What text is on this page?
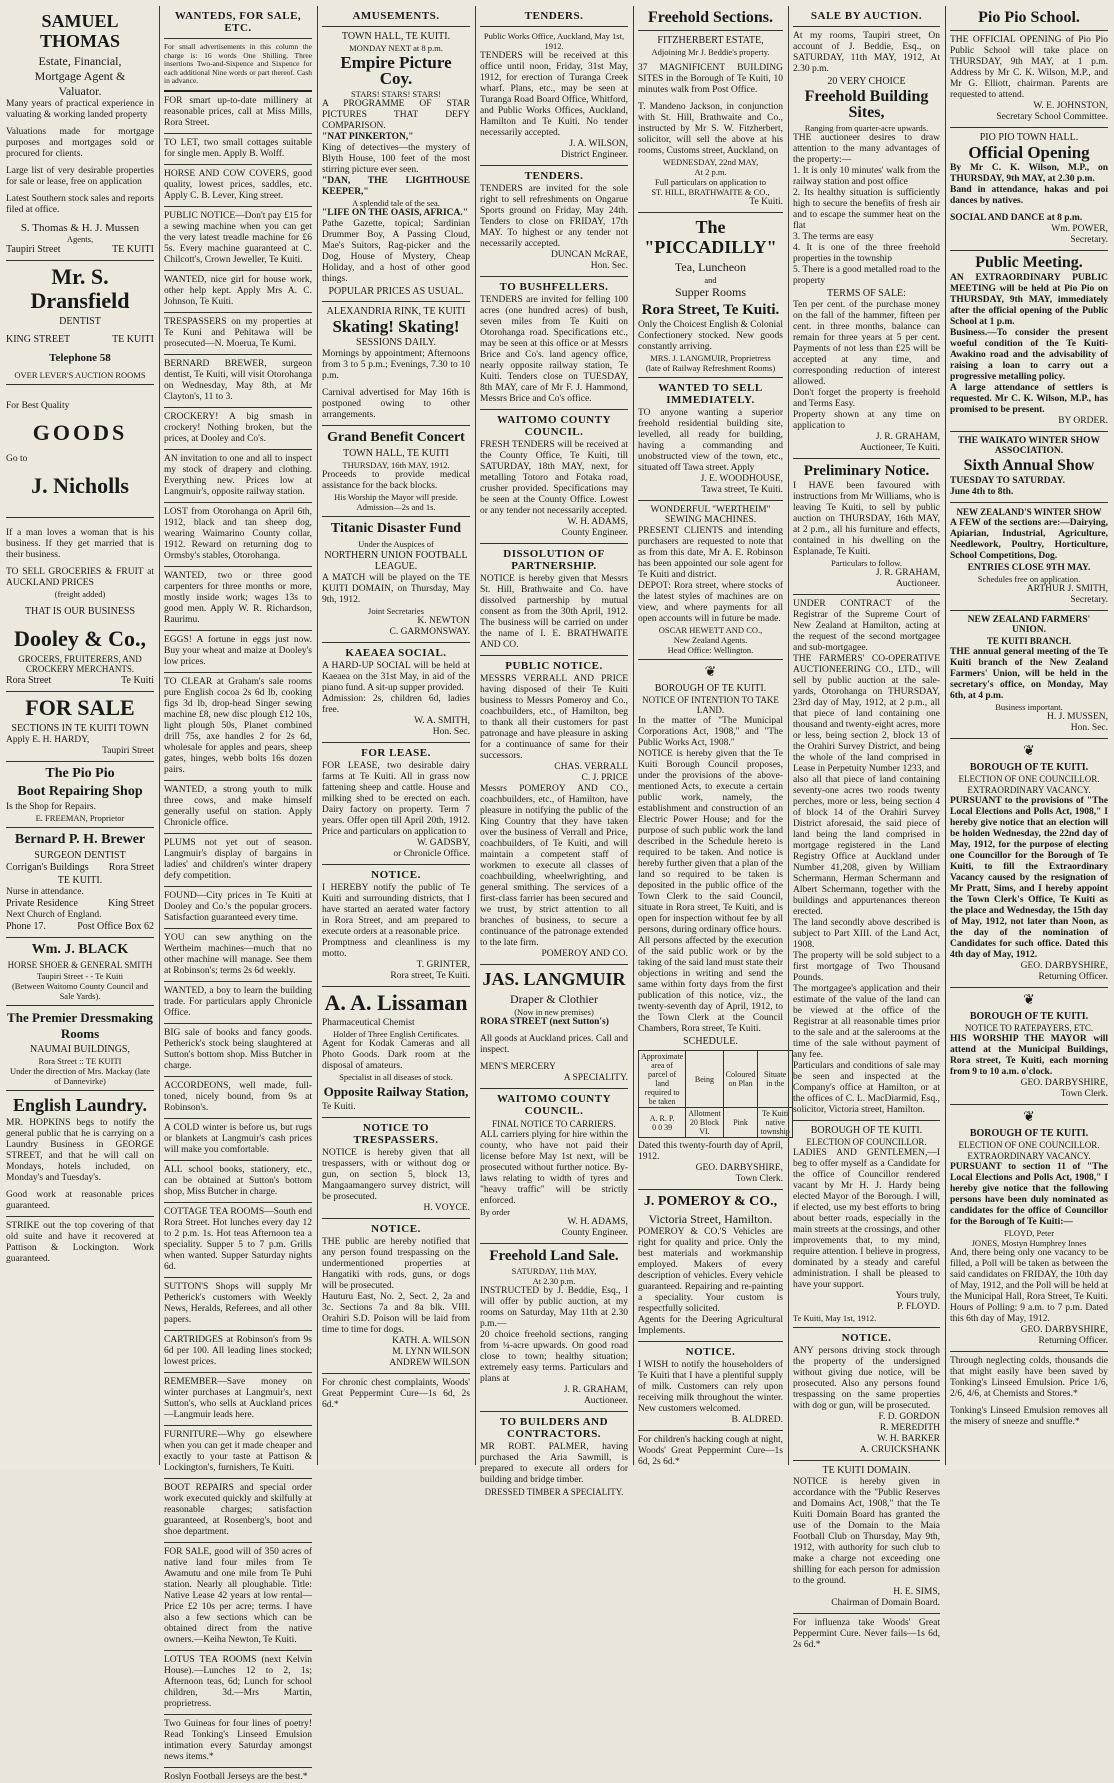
SAMUEL THOMAS
Estate, Financial,
Mortgage Agent &
Valuator.
Many years of practical experience in valuating & working landed property
Valuations made for mortgage purposes and mortgages sold or procured for clients.
Large list of very desirable properties for sale or lease, free on application
Latest Southern stock sales and reports filed at office.
S. Thomas & H. J. Mussen
Agents,
Taupiri Street	TE KUITI
Mr. S. Dransfield
DENTIST
KING STREET	TE KUITI
Telephone 58
OVER LEVER'S AUCTION ROOMS
For Best Quality
GOODS
Go to
J. Nicholls
If a man loves a woman that is his business. If they get married that is their business.
TO SELL GROCERIES & FRUIT at AUCKLAND PRICES
(freight added)
THAT IS OUR BUSINESS
Dooley & Co.,
GROCERS, FRUITERERS, AND CROCKERY MERCHANTS.
Rora Street	Te Kuiti
FOR SALE
SECTIONS IN TE KUITI TOWN
Apply E. H. HARDY,
Taupiri Street
The Pio Pio
Boot Repairing Shop
Is the Shop for Repairs.
E. FREEMAN, Proprietor
Bernard P. H. Brewer
SURGEON DENTIST
Corrigan's Buildings Rora Street
TE KUITI.
Nurse in attendance.
Private Residence	King Street
Next Church of England.
Phone 17.	Post Office Box 62
Wm. J. BLACK
HORSE SHOER & GENERAL SMITH
Taupiri Street - - Te Kuiti
(Between Waitomo County Council and Sale Yards).
The Premier Dressmaking Rooms
NAUMAI BUILDINGS,
Rora Street :: TE KUITI
Under the direction of Mrs. Mackay (late of Dannevirke)
English Laundry.
MR. HOPKINS begs to notify the general public that he is carrying on a Laundry Business in GEORGE STREET, and that he will call on Mondays, hotels included, on Monday's and Tuesday's.
Good work at reasonable prices guaranteed.
STRIKE out the top covering of that old suite and have it recovered at Pattison & Lockington. Work guaranteed.
WANTEDS, FOR SALE, ETC.
For small advertisements in this column the charge is: 16 words One Shilling, Three insertions Two-and-Sixpence and Sixpence for each additional Nine words or part thereof. Cash in advance.
FOR smart up-to-date millinery at reasonable prices, call at Miss Mills, Rora Street.
TO LET, two small cottages suitable for single men. Apply B. Wolff.
HORSE AND COW COVERS, good quality, lowest prices, saddles, etc. Apply C. B. Lever, King street.
PUBLIC NOTICE—Don't pay £15 for a sewing machine when you can get the very latest treadle machine for £6 5s. Every machine guaranteed at C. Chilcott's, Crown Jeweller, Te Kuiti.
WANTED, nice girl for house work, other help kept. Apply Mrs A. C. Johnson, Te Kuiti.
TRESPASSERS on my properties at Te Kuni and Pehitawa will be prosecuted—N. Moerua, Te Kumi.
BERNARD BREWER, surgeon dentist, Te Kuiti, will visit Otorohanga on Wednesday, May 8th, at Mr Clayton's, 11 to 3.
CROCKERY! A big smash in crockery! Nothing broken, but the prices, at Dooley and Co's.
AN invitation to one and all to inspect my stock of drapery and clothing. Everything new. Prices low at Langmuir's, opposite railway station.
LOST from Otorohanga on April 6th, 1912, black and tan sheep dog, wearing Waimarino County collar, 1912. Reward on returning dog to Ormsby's stables, Otorohanga.
WANTED, two or three good carpenters for three months or more, mostly inside work; wages 13s to good men. Apply W. R. Richardson, Raurimu.
EGGS! A fortune in eggs just now. Buy your wheat and maize at Dooley's low prices.
TO CLEAR at Graham's sale rooms pure English cocoa 2s 6d lb, cooking figs 3d lb, drop-head Singer sewing machine £8, new disc plough £12 10s, light plough 50s, Planet combined drill 75s, axe handles 2 for 2s 6d, wholesale for apples and pears, sheep gates, hinges, webb bolts 16s dozen pairs.
WANTED, a strong youth to milk three cows, and make himself generally useful on station. Apply Chronicle office.
PLUMS not yet out of season. Langmuir's display of bargains in ladies' and children's winter drapery defy competition.
FOUND—City prices in Te Kuiti at Dooley and Co.'s the popular grocers. Satisfaction guaranteed every time.
YOU can sew anything on the Wertheim machines—much that no other machine will manage. See them at Robinson's; terms 2s 6d weekly.
WANTED, a boy to learn the building trade. For particulars apply Chronicle Office.
BIG sale of books and fancy goods. Petherick's stock being slaughtered at Sutton's bottom shop. Miss Butcher in charge.
ACCORDEONS, well made, full-toned, nicely bound, from 9s at Robinson's.
A COLD winter is before us, but rugs or blankets at Langmuir's cash prices will make you comfortable.
ALL school books, stationery, etc., can be obtained at Sutton's bottom shop, Miss Butcher in charge.
COTTAGE TEA ROOMS—South end Rora Street. Hot lunches every day 12 to 2 p.m. 1s. Hot teas Afternoon tea a speciality. Supper 5 to 7 p.m. Grills when wanted. Supper Saturday nights 6d.
SUTTON'S Shops will supply Mr Petherick's customers with Weekly News, Heralds, Referees, and all other papers.
CARTRIDGES at Robinson's from 9s 6d per 100. All leading lines stocked; lowest prices.
REMEMBER—Save money on winter purchases at Langmuir's, next Sutton's, who sells at Auckland prices—Langmuir leads here.
FURNITURE—Why go elsewhere when you can get it made cheaper and exactly to your taste at Pattison & Lockington's, furnishers, Te Kuiti.
BOOT REPAIRS and special order work executed quickly and skilfully at reasonable charges; satisfaction guaranteed, at Rosenberg's, boot and shoe department.
FOR SALE, good will of 350 acres of native land four miles from Te Awamutu and one mile from Te Puhi station. Nearly all ploughable. Title: Native Lease 42 years at low rental—Price £2 10s per acre; terms. I have also a few sections which can be obtained direct from the native owners.—Keiha Newton, Te Kuiti.
LOTUS TEA ROOMS (next Kelvin House).—Lunches 12 to 2, 1s; Afternoon teas, 6d; Lunch for school children, 3d.—Mrs Martin, proprietress.
Two Guineas for four lines of poetry! Read Tonking's Linseed Emulsion intimation every Saturday amongst news items.*
Roslyn Football Jerseys are the best.*
AMUSEMENTS.
TOWN HALL, TE KUITI.
MONDAY NEXT at 8 p.m.
Empire Picture Coy.
STARS! STARS! STARS!
A PROGRAMME OF STAR PICTURES THAT DEFY COMPARISON.
"NAT PINKERTON,"
King of detectives—the mystery of Blyth House, 100 feet of the most stirring picture ever seen.
"DAN, THE LIGHTHOUSE KEEPER,"
A splendid tale of the sea.
"LIFE ON THE OASIS, AFRICA."
Pathe Gazette, topical; Sardinian Drummer Boy, A Passing Cloud, Mae's Suitors, Rag-picker and the Dog, House of Mystery, Cheap Holiday, and a host of other good things.
POPULAR PRICES AS USUAL.
ALEXANDRIA RINK, TE KUITI
Skating! Skating!
SESSIONS DAILY.
Mornings by appointment; Afternoons from 3 to 5 p.m.; Evenings, 7.30 to 10 p.m.
Carnival advertised for May 16th is postponed owing to other arrangements.
Grand Benefit Concert
TOWN HALL, TE KUITI
THURSDAY, 16th MAY, 1912.
Proceeds to provide medical assistance for the back blocks.
His Worship the Mayor will preside.
Admission—2s and 1s.
Titanic Disaster Fund
Under the Auspices of
NORTHERN UNION FOOTBALL LEAGUE.
A MATCH will be played on the TE KUITI DOMAIN, on Thursday, May 9th, 1912.
Joint Secretaries
K. NEWTON
C. GARMONSWAY.
KAEAEA SOCIAL.
A HARD-UP SOCIAL will be held at Kaeaea on the 31st May, in aid of the piano fund. A sit-up supper provided.
Admission: 2s, children 6d, ladies free.
W. A. SMITH,
Hon. Sec.
FOR LEASE.
FOR LEASE, two desirable dairy farms at Te Kuiti. All in grass now fattening sheep and cattle. House and milking shed to be erected on each. Dairy factory on property. Term 7 years. Offer open till April 20th, 1912. Price and particulars on application to
W. GADSBY,
or Chronicle Office.
NOTICE.
I HEREBY notify the public of Te Kuiti and surrounding districts, that I have started an aerated water factory in Rora Street, and am prepared to execute orders at a reasonable price.
Promptness and cleanliness is my motto.
T. GRINTER,
Rora street, Te Kuiti.
A. A. Lissaman
Pharmaceutical Chemist
Holder of Three English Certificates.
Agent for Kodak Cameras and all Photo Goods. Dark room at the disposal of amateurs.
Specialist in all diseases of stock.
Opposite Railway Station,
Te Kuiti.
NOTICE TO TRESPASSERS.
NOTICE is hereby given that all trespassers, with or without dog or gun, on section 5, block 13, Mangaamangero survey district, will be prosecuted.
H. VOYCE.
NOTICE.
THE public are hereby notified that any person found trespassing on the undermentioned properties at Hangatiki with rods, guns, or dogs will be prosecuted.
Hauturu East, No. 2, Sect. 2, 2a and 3c. Sections 7a and 8a blk. VIII. Orahiri S.D. Poison will be laid from time to time for dogs.
KATH. A. WILSON
M. LYNN WILSON
ANDREW WILSON
For chronic chest complaints, Woods' Great Peppermint Cure—1s 6d, 2s 6d.*
TENDERS.
Public Works Office, Auckland, May 1st, 1912.
TENDERS will be received at this office until noon, Friday, 31st May, 1912, for erection of Turanga Creek wharf. Plans, etc., may be seen at Turanga Road Board Office, Whitford, and Public Works Offices, Auckland, Hamilton and Te Kuiti. No tender necessarily accepted.
J. A. WILSON,
District Engineer.
TENDERS.
TENDERS are invited for the sole right to sell refreshments on Ongarue Sports ground on Friday, May 24th. Tenders to close on FRIDAY, 17th MAY. To highest or any tender not necessarily accepted.
DUNCAN McRAE,
Hon. Sec.
TO BUSHFELLERS.
TENDERS are invited for felling 100 acres (one hundred acres) of bush, seven miles from Te Kuiti on Otorohanga road. Specifications etc., may be seen at this office or at Messrs Brice and Co's. land agency office, nearly opposite railway station, Te Kuiti. Tenders close on TUESDAY, 8th MAY, care of Mr F. J. Hammond, Messrs Brice and Co's office.
WAITOMO COUNTY COUNCIL.
FRESH TENDERS will be received at the County Office, Te Kuiti, till SATURDAY, 18th MAY, next, for metalling Totoro and Fotaka road, crusher provided. Specifications may be seen at the County Office. Lowest or any tender not necessarily accepted.
W. H. ADAMS,
County Engineer.
DISSOLUTION OF PARTNERSHIP.
NOTICE is hereby given that Messrs St. Hill, Brathwaite and Co. have dissolved partnership by mutual consent as from the 30th April, 1912. The business will be carried on under the name of I. E. BRATHWAITE AND CO.
PUBLIC NOTICE.
MESSRS VERRALL AND PRICE having disposed of their Te Kuiti business to Messrs Pomeroy and Co., coachbuilders, etc., of Hamilton, beg to thank all their customers for past patronage and have pleasure in asking for a continuance of same for their successors.
CHAS. VERRALL
C. J. PRICE
Messrs POMEROY AND CO., coachbuilders, etc., of Hamilton, have pleasure in notifying the public of the King Country that they have taken over the business of Verrall and Price, coachbuilders, of Te Kuiti, and will maintain a competent staff of workmen to execute all classes of coachbuilding, wheelwrighting, and general smithing. The services of a first-class farrier has been secured and we trust, by strict attention to all branches of business, to secure a continuance of the patronage extended to the late firm.
POMEROY AND CO.
JAS. LANGMUIR
Draper & Clothier
(Now in new premises)
RORA STREET (next Sutton's)
All goods at Auckland prices. Call and inspect.
MEN'S MERCERY
A SPECIALITY.
WAITOMO COUNTY COUNCIL.
FINAL NOTICE TO CARRIERS.
ALL carriers plying for hire within the county, who have not paid their license before May 1st next, will be prosecuted without further notice. By-laws relating to width of tyres and "heavy traffic" will be strictly enforced.
By order
W. H. ADAMS,
County Engineer.
Freehold Land Sale.
SATURDAY, 11th MAY,
At 2.30 p.m.
INSTRUCTED by J. Beddie, Esq., I will offer by public auction, at my rooms on Saturday, May 11th at 2.30 p.m.—
20 choice freehold sections, ranging from ¼-acre upwards. On good road close to town; healthy situation; extremely easy terms. Particulars and plans at
J. R. GRAHAM,
Auctioneer.
TO BUILDERS AND CONTRACTORS.
MR ROBT. PALMER, having purchased the Aria Sawmill, is prepared to execute all orders for building and bridge timber.
DRESSED TIMBER A SPECIALITY.
Freehold Sections.
FITZHERBERT ESTATE,
Adjoining Mr J. Beddie's property.
37 MAGNIFICENT BUILDING SITES in the Borough of Te Kuiti, 10 minutes walk from Post Office.
T. Mandeno Jackson, in conjunction with St. Hill, Brathwaite and Co., instructed by Mr S. W. Fitzherbert, solicitor, will sell the above at his rooms, Customs street, Auckland, on
WEDNESDAY, 22nd MAY,
At 2 p.m.
Full particulars on application to
ST. HILL, BRATHWAITE & CO.,
Te Kuiti.
The "PICCADILLY"
Tea, Luncheon
and
Supper Rooms
Rora Street, Te Kuiti.
Only the Choicest English & Colonial Confectionery stocked. New goods constantly arriving.
MRS. J. LANGMUIR, Proprietress
(late of Railway Refreshment Rooms)
WANTED TO SELL IMMEDIATELY.
TO anyone wanting a superior freehold residential building site, levelled, all ready for building, having a commanding and unobstructed view of the town, etc., situated off Tawa street. Apply
J. E. WOODHOUSE,
Tawa street, Te Kuiti.
WONDERFUL "WERTHEIM" SEWING MACHINES.
PRESENT CLIENTS and intending purchasers are requested to note that as from this date, Mr A. E. Robinson has been appointed our sole agent for Te Kuiti and district.
DEPOT: Rora street, where stocks of the latest styles of machines are on view, and where payments for all open accounts will in future be made.
OSCAR HEWETT AND CO.,
New Zealand Agents.
Head Office: Wellington.
❦
BOROUGH OF TE KUITI.
NOTICE OF INTENTION TO TAKE LAND.
In the matter of "The Municipal Corporations Act, 1908," and "The Public Works Act, 1908."
NOTICE is hereby given that the Te Kuiti Borough Council proposes, under the provisions of the above-mentioned Acts, to execute a certain public work, namely, the establishment and construction of an Electric Power House; and for the purpose of such public work the land described in the Schedule hereto is required to be taken. And notice is hereby further given that a plan of the land so required to be taken is deposited in the public office of the Town Clerk to the said Council, situate in Rora street, Te Kuiti, and is open for inspection without fee by all persons, during ordinary office hours.
All persons affected by the execution of the said public work or by the taking of the said land must state their objections in writing and send the same within forty days from the first publication of this notice, viz., the twenty-seventh day of April, 1912, to the Town Clerk at the Council Chambers, Rora street, Te Kuiti.
SCHEDULE.
Approximate area of parcel of land required to be taken	Being	Coloured on Plan	Situate in the

A. R. P.
0 0 39	Allotment 20 Block VI.	Pink	Te Kuiti native township
Dated this twenty-fourth day of April, 1912.
GEO. DARBYSHIRE,
Town Clerk.
J. POMEROY & CO.,
Victoria Street, Hamilton.
POMEROY & CO.'S Vehicles are right for quality and price. Only the best materials and workmanship employed. Makers of every description of vehicles. Every vehicle guaranteed. Repairing and re-painting a speciality. Your custom is respectfully solicited.
Agents for the Deering Agricultural Implements.
NOTICE.
I WISH to notify the householders of Te Kuiti that I have a plentiful supply of milk. Customers can rely upon receiving milk throughout the winter. New customers welcomed.
B. ALDRED.
For children's hacking cough at night, Woods' Great Peppermint Cure—1s 6d, 2s 6d.*
SALE BY AUCTION.
At my rooms, Taupiri street, On account of J. Beddie, Esq., on SATURDAY, 11th MAY, 1912, At 2.30 p.m.
20 VERY CHOICE
Freehold Building Sites,
Ranging from quarter-acre upwards.
THE auctioneer desires to draw attention to the many advantages of the property:—
1. It is only 10 minutes' walk from the railway station and post office
2. Its healthy situation is sufficiently high to secure the benefits of fresh air and to escape the summer heat on the flat
3. The terms are easy
4. It is one of the three freehold properties in the township
5. There is a good metalled road to the property
TERMS OF SALE:
Ten per cent. of the purchase money on the fall of the hammer, fifteen per cent. in three months, balance can remain for three years at 5 per cent. Payments of not less than £25 will be accepted at any time, and corresponding reduction of interest allowed.
Don't forget the property is freehold and Terms Easy.
Property shown at any time on application to
J. R. GRAHAM,
Auctioneer, Te Kuiti.
Preliminary Notice.
I HAVE been favoured with instructions from Mr Williams, who is leaving Te Kuiti, to sell by public auction on THURSDAY, 16th MAY, at 2 p.m., all his furniture and effects, contained in his dwelling on the Esplanade, Te Kuiti.
Particulars to follow.
J. R. GRAHAM,
Auctioneer.
UNDER CONTRACT of the Registrar of the Supreme Court of New Zealand at Hamilton, acting at the request of the second mortgagee and sub-mortgagee.
THE FARMERS' CO-OPERATIVE AUCTIONEERING CO., LTD., will sell by public auction at the sale-yards, Otorohanga on THURSDAY, 23rd day of May, 1912, at 2 p.m., all that piece of land containing one thousand and twenty-eight acres, more or less, being section 2, block 13 of the Orahiri Survey District, and being the whole of the land comprised in Lease in Perpetuity Number 1233, and also all that piece of land containing seventy-one acres two roods twenty perches, more or less, being section 4 of block 14 of the Orahiri Survey District aforesaid, the said piece of land being the land comprised in mortgage registered in the Land Registry Office at Auckland under Number 41,208, given by William Schermann, Herman Schermann and Albert Schermann, together with the buildings and appurtenances thereon erected.
The land secondly above described is subject to Part XIII. of the Land Act, 1908.
The property will be sold subject to a first mortgage of Two Thousand Pounds.
The mortgagee's application and their estimate of the value of the land can be viewed at the office of the Registrar at all reasonable times prior to the sale and at the salerooms at the time of the sale without payment of any fee.
Particulars and conditions of sale may be seen and inspected at the Company's office at Hamilton, or at the offices of C. L. MacDiarmid, Esq., solicitor, Victoria street, Hamilton.
BOROUGH OF TE KUITI.
ELECTION OF COUNCILLOR.
LADIES AND GENTLEMEN,—I beg to offer myself as a Candidate for the office of Councillor rendered vacant by Mr H. J. Hardy being elected Mayor of the Borough. I will, if elected, use my best efforts to bring about better roads, especially in the main streets at the crossings, and other improvements that, to my mind, require attention. I believe in progress, dominated by a steady and careful administration. I shall be pleased to have your support.
Yours truly,
P. FLOYD.
Te Kuiti, May 1st, 1912.
NOTICE.
ANY persons driving stock through the property of the undersigned without giving due notice, will be prosecuted. Also any persons found trespassing on the same properties with dog or gun, will be prosecuted.
F. D. GORDON
R. MEREDITH
W. H. BARKER
A. CRUICKSHANK
TE KUITI DOMAIN.
NOTICE is hereby given in accordance with the "Public Reserves and Domains Act, 1908," that the Te Kuiti Domain Board has granted the use of the Domain to the Maia Football Club on Thursday, May 9th, 1912, with authority for such club to make a charge not exceeding one shilling for each person for admission to the ground.
H. E. SIMS,
Chairman of Domain Board.
For influenza take Woods' Great Peppermint Cure. Never fails—1s 6d, 2s 6d.*
Pio Pio School.
THE OFFICIAL OPENING of Pio Pio Public School will take place on THURSDAY, 9th MAY, at 1 p.m. Address by Mr C. K. Wilson, M.P., and Mr G. Elliott, chairman. Parents are requested to attend.
W. E. JOHNSTON,
Secretary School Committee.
PIO PIO TOWN HALL.
Official Opening
By Mr C. K. Wilson, M.P., on THURSDAY, 9th MAY, at 2.30 p.m.
Band in attendance, hakas and poi dances by natives.
SOCIAL AND DANCE at 8 p.m.
Wm. POWER,
Secretary.
Public Meeting.
AN EXTRAORDINARY PUBLIC MEETING will be held at Pio Pio on THURSDAY, 9th MAY, immediately after the official opening of the Public School at 1 p.m.
Business.—To consider the present woeful condition of the Te Kuiti-Awakino road and the advisability of raising a loan to carry out a progressive metalling policy.
A large attendance of settlers is requested. Mr C. K. Wilson, M.P., has promised to be present.
BY ORDER.
THE WAIKATO WINTER SHOW ASSOCIATION.
Sixth Annual Show
TUESDAY TO SATURDAY.
June 4th to 8th.
NEW ZEALAND'S WINTER SHOW
A FEW of the sections are:—Dairying, Apiarian, Industrial, Agriculture, Needlework, Poultry, Horticulture, School Competitions, Dog.
ENTRIES CLOSE 9TH MAY.
Schedules free on application.
ARTHUR J. SMITH,
Secretary.
NEW ZEALAND FARMERS' UNION.
TE KUITI BRANCH.
THE annual general meeting of the Te Kuiti branch of the New Zealand Farmers' Union, will be held in the secretary's office, on Monday, May 6th, at 4 p.m.
Business important.
H. J. MUSSEN,
Hon. Sec.
❦
BOROUGH OF TE KUITI.
ELECTION OF ONE COUNCILLOR.
EXTRAORDINARY VACANCY.
PURSUANT to the provisions of "The Local Elections and Polls Act, 1908," I hereby give notice that an election will be holden Wednesday, the 22nd day of May, 1912, for the purpose of electing one Councillor for the Borough of Te Kuiti, to fill the Extraordinary Vacancy caused by the resignation of Mr Pratt, Sims, and I hereby appoint the Town Clerk's Office, Te Kuiti as the place and Wednesday, the 15th day of May, 1912, not later than Noon, as the day of the nomination of Candidates for such office. Dated this 4th day of May, 1912.
GEO. DARBYSHIRE,
Returning Officer.
❦
BOROUGH OF TE KUITI.
NOTICE TO RATEPAYERS, ETC.
HIS WORSHIP THE MAYOR will attend at the Municipal Buildings, Rora street, Te Kuiti, each morning from 9 to 10 a.m. o'clock.
GEO. DARBYSHIRE,
Town Clerk.
❦
BOROUGH OF TE KUITI.
ELECTION OF ONE COUNCILLOR.
EXTRAORDINARY VACANCY.
PURSUANT to section 11 of "The Local Elections and Polls Act, 1908," I hereby give notice that the following persons have been duly nominated as candidates for the office of Councillor for the Borough of Te Kuiti:—
FLOYD, Peter
JONES, Mostyn Humphrey Innes
And, there being only one vacancy to be filled, a Poll will be taken as between the said candidates on FRIDAY, the 10th day of May, 1912, and the Poll will be held at the Municipal Hall, Rora Street, Te Kuiti. Hours of Polling: 9 a.m. to 7 p.m. Dated this 6th day of May, 1912.
GEO. DARBYSHIRE,
Returning Officer.
Through neglecting colds, thousands die that might easily have been saved by Tonking's Linseed Emulsion. Price 1/6, 2/6, 4/6, at Chemists and Stores.*
Tonking's Linseed Emulsion removes all the misery of sneeze and snuffle.*
